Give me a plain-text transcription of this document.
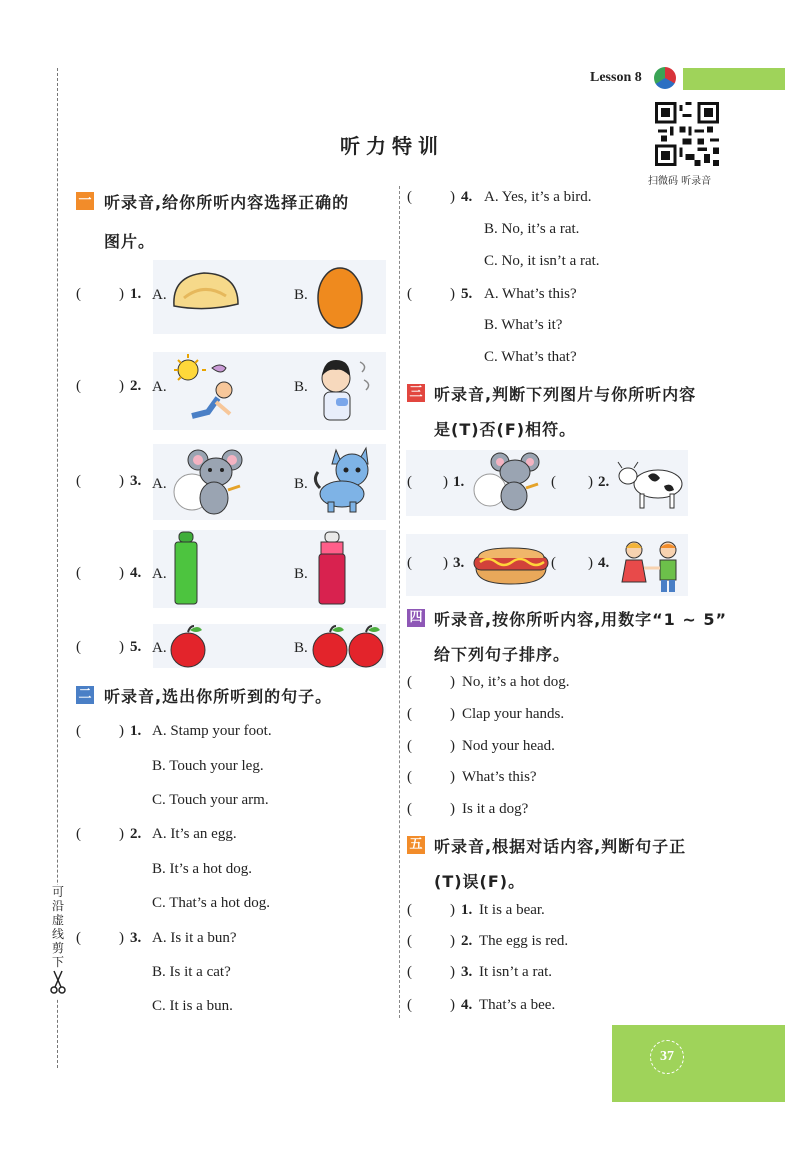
可沿虚线剪下
Lesson 8
扫微码 听录音
听力特训
一 听录音,给你所听内容选择正确的
图片。
(	) 1. A.	B.
(	) 2. A.	B.
(	) 3. A.	B.
(	) 4. A.	B.
(	) 5. A.	B.
二 听录音,选出你所听到的句子。
(	) 1. A. Stamp your foot.
B. Touch your leg.
C. Touch your arm.
(	) 2. A. It’s an egg.
B. It’s a hot dog.
C. That’s a hot dog.
(	) 3. A. Is it a bun?
B. Is it a cat?
C. It is a bun.
(	) 4. A. Yes, it’s a bird.
B. No, it’s a rat.
C. No, it isn’t a rat.
(	) 5. A. What’s this?
B. What’s it?
C. What’s that?
三 听录音,判断下列图片与你所听内容
是(T)否(F)相符。
( ) 1.	( ) 2.
( ) 3.	( ) 4.
四 听录音,按你所听内容,用数字“1 ~ 5”
给下列句子排序。
(	) No, it’s a hot dog.
(	) Clap your hands.
(	) Nod your head.
(	) What’s this?
(	) Is it a dog?
五 听录音,根据对话内容,判断句子正
(T)误(F)。
(	) 1. It is a bear.
(	) 2. The egg is red.
(	) 3. It isn’t a rat.
(	) 4. That’s a bee.
37
